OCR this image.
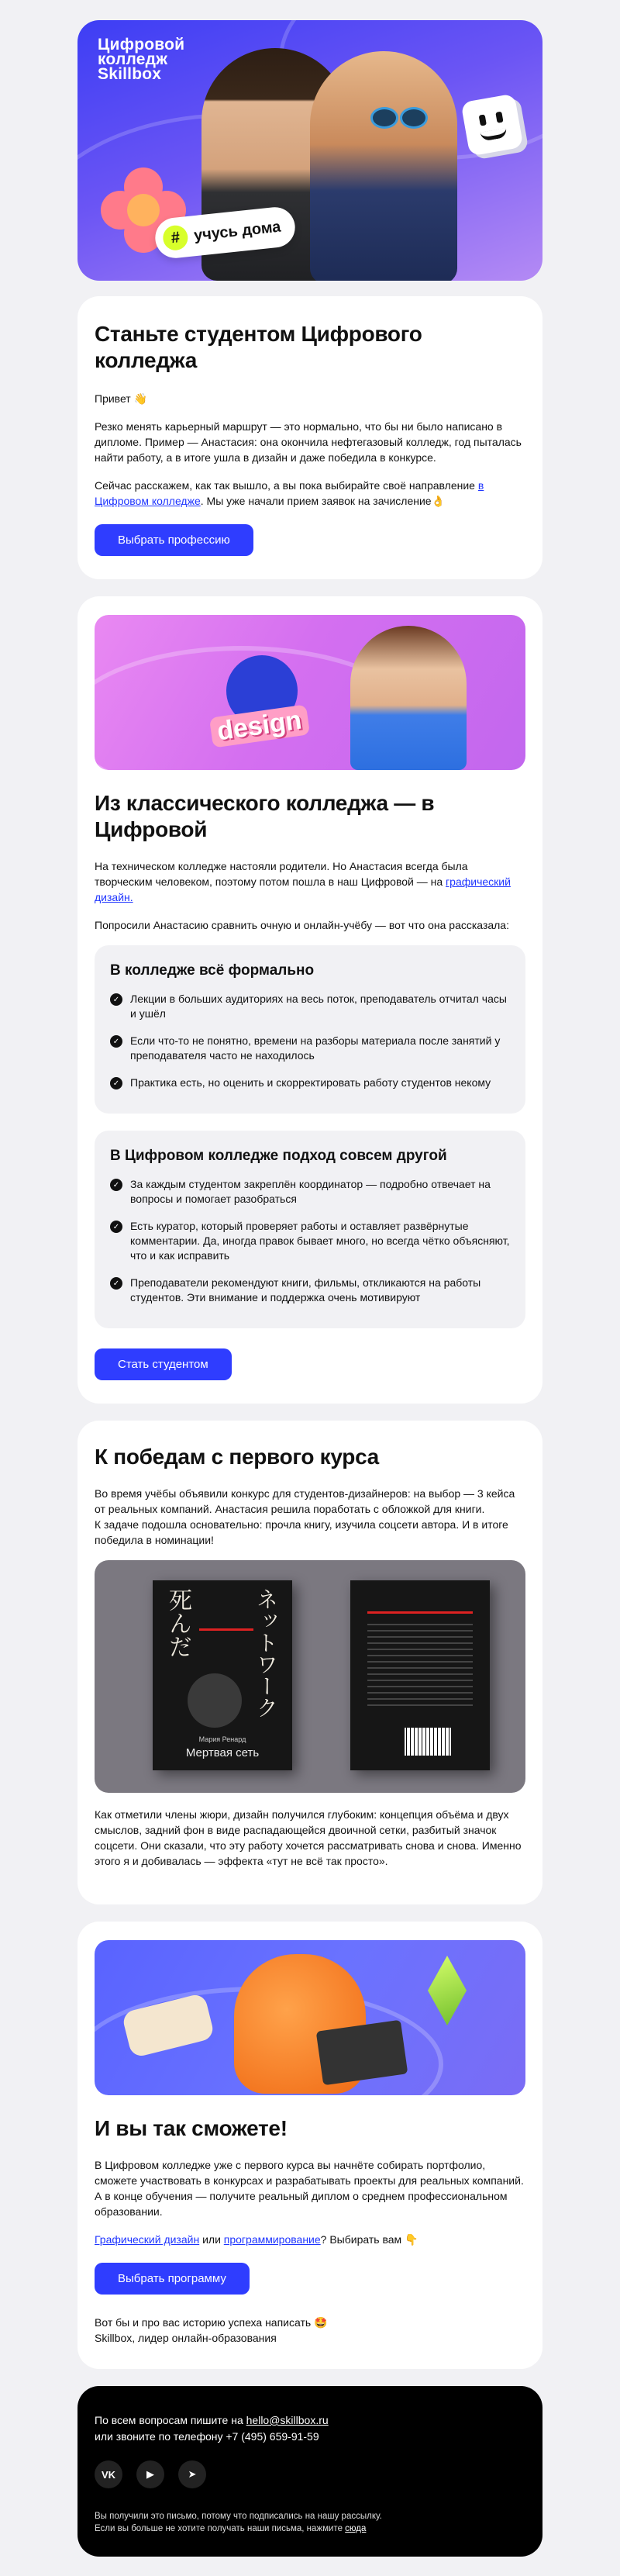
Цифровой
колледж
Skillbox
# учусь дома
Станьте студентом Цифрового колледжа

Привет 👋

Резко менять карьерный маршрут — это нормально, что бы ни было написано в дипломе. Пример — Анастасия: она окончила нефтегазовый колледж, год пыталась найти работу, а в итоге ушла в дизайн и даже победила в конкурсе.

Сейчас расскажем, как так вышло, а вы пока выбирайте своё направление в Цифровом колледже. Мы уже начали прием заявок на зачисление👌

Выбрать профессию
design
Из классического колледжа — в Цифровой

На техническом колледже настояли родители. Но Анастасия всегда была творческим человеком, поэтому потом пошла в наш Цифровой — на графический дизайн.

Попросили Анастасию сравнить очную и онлайн-учёбу — вот что она рассказала:

В колледже всё формально
✓ Лекции в больших аудиториях на весь поток, преподаватель отчитал часы и ушёл
✓ Если что-то не понятно, времени на разборы материала после занятий у преподавателя часто не находилось
✓ Практика есть, но оценить и скорректировать работу студентов некому
В Цифровом колледже подход совсем другой
✓ За каждым студентом закреплён координатор — подробно отвечает на вопросы и помогает разобраться
✓ Есть куратор, который проверяет работы и оставляет развёрнутые комментарии. Да, иногда правок бывает много, но всегда чётко объясняют, что и как исправить
✓ Преподаватели рекомендуют книги, фильмы, откликаются на работы студентов. Эти внимание и поддержка очень мотивируют
Стать студентом
К победам с первого курса

Во время учёбы объявили конкурс для студентов-дизайнеров: на выбор — 3 кейса от реальных компаний. Анастасия решила поработать с обложкой для книги.
К задаче подошла основательно: прочла книгу, изучила соцсети автора. И в итоге победила в номинации!

死んだ	ネットワーク
Мария Ренард
Мертвая сеть

Как отметили члены жюри, дизайн получился глубоким: концепция объёма и двух смыслов, задний фон в виде распадающейся двоичной сетки, разбитый значок соцсети. Они сказали, что эту работу хочется рассматривать снова и снова. Именно этого я и добивалась — эффекта «тут не всё так просто».

И вы так сможете!

В Цифровом колледже уже с первого курса вы начнёте собирать портфолио, сможете участвовать в конкурсах и разрабатывать проекты для реальных компаний. А в конце обучения — получите реальный диплом о среднем профессиональном образовании.

Графический дизайн или программирование? Выбирать вам 👇

Выбрать программу

Вот бы и про вас историю успеха написать 🤩
Skillbox, лидер онлайн-образования

По всем вопросам пишите на hello@skillbox.ru
или звоните по телефону +7 (495) 659-91-59

VK	▶	➤
Вы получили это письмо, потому что подписались на нашу рассылку.
Если вы больше не хотите получать наши письма, нажмите сюда
